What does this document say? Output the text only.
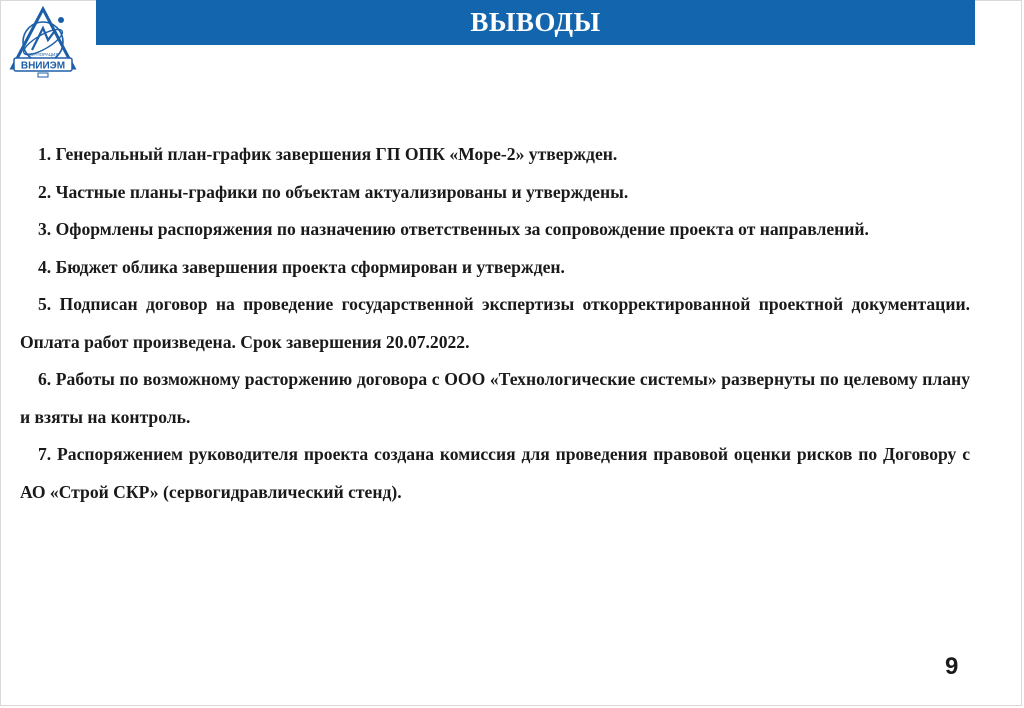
ВНИИЭМ
КОРПОРАЦИЯ
ВЫВОДЫ

1. Генеральный план-график завершения ГП ОПК «Море-2» утвержден.

2. Частные планы-графики по объектам актуализированы и утверждены.

3. Оформлены распоряжения по назначению ответственных за сопровождение проекта от направлений.

4. Бюджет облика завершения проекта сформирован и утвержден.

5. Подписан договор на проведение государственной экспертизы откорректированной проектной документации. Оплата работ произведена. Срок завершения 20.07.2022.

6. Работы по возможному расторжению договора с ООО «Технологические системы» развернуты по целевому плану и взяты на контроль.

7. Распоряжением руководителя проекта создана комиссия для проведения правовой оценки рисков по Договору с АО «Строй СКР» (сервогидравлический стенд).

9
